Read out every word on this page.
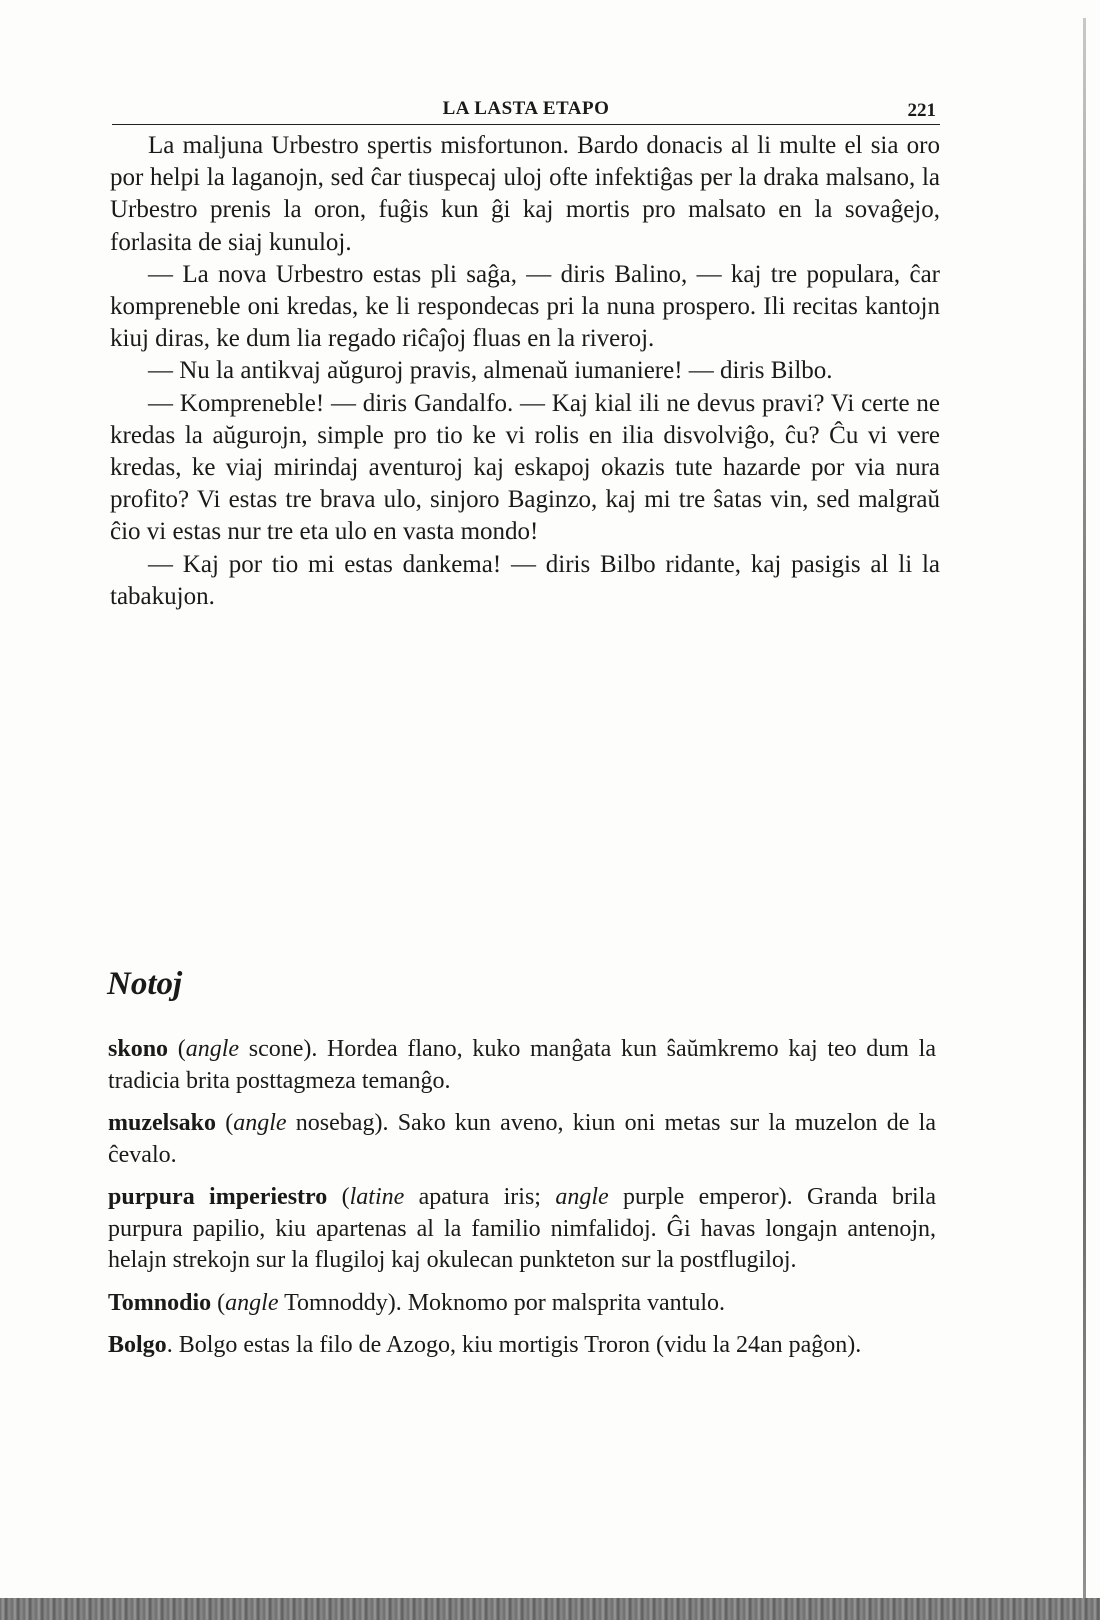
LA LASTA ETAPO	221

La maljuna Urbestro spertis misfortunon. Bardo donacis al li multe el sia oro por helpi la laganojn, sed ĉar tiuspecaj uloj ofte infektiĝas per la draka malsano, la Urbestro prenis la oron, fuĝis kun ĝi kaj mortis pro malsato en la sovaĝejo, forlasita de siaj kunuloj.

— La nova Urbestro estas pli saĝa, — diris Balino, — kaj tre populara, ĉar kompreneble oni kredas, ke li respondecas pri la nuna prospero. Ili recitas kantojn kiuj diras, ke dum lia regado riĉaĵoj fluas en la riveroj.

— Nu la antikvaj aŭguroj pravis, almenaŭ iumaniere! — diris Bilbo.

— Kompreneble! — diris Gandalfo. — Kaj kial ili ne devus pravi? Vi certe ne kredas la aŭgurojn, simple pro tio ke vi rolis en ilia disvolviĝo, ĉu? Ĉu vi vere kredas, ke viaj mirindaj aventuroj kaj eskapoj okazis tute hazarde por via nura profito? Vi estas tre brava ulo, sinjoro Baginzo, kaj mi tre ŝatas vin, sed malgraŭ ĉio vi estas nur tre eta ulo en vasta mondo!

— Kaj por tio mi estas dankema! — diris Bilbo ridante, kaj pasigis al li la tabakujon.

Notoj

skono (angle scone). Hordea flano, kuko manĝata kun ŝaŭmkremo kaj teo dum la tradicia brita posttagmeza temanĝo.

muzelsako (angle nosebag). Sako kun aveno, kiun oni metas sur la muzelon de la ĉevalo.

purpura imperiestro (latine apatura iris; angle purple emperor). Granda brila purpura papilio, kiu apartenas al la familio nimfalidoj. Ĝi havas longajn antenojn, helajn strekojn sur la flugiloj kaj okulecan punkteton sur la postflugiloj.

Tomnodio (angle Tomnoddy). Moknomo por malsprita vantulo.

Bolgo. Bolgo estas la filo de Azogo, kiu mortigis Troron (vidu la 24an paĝon).
